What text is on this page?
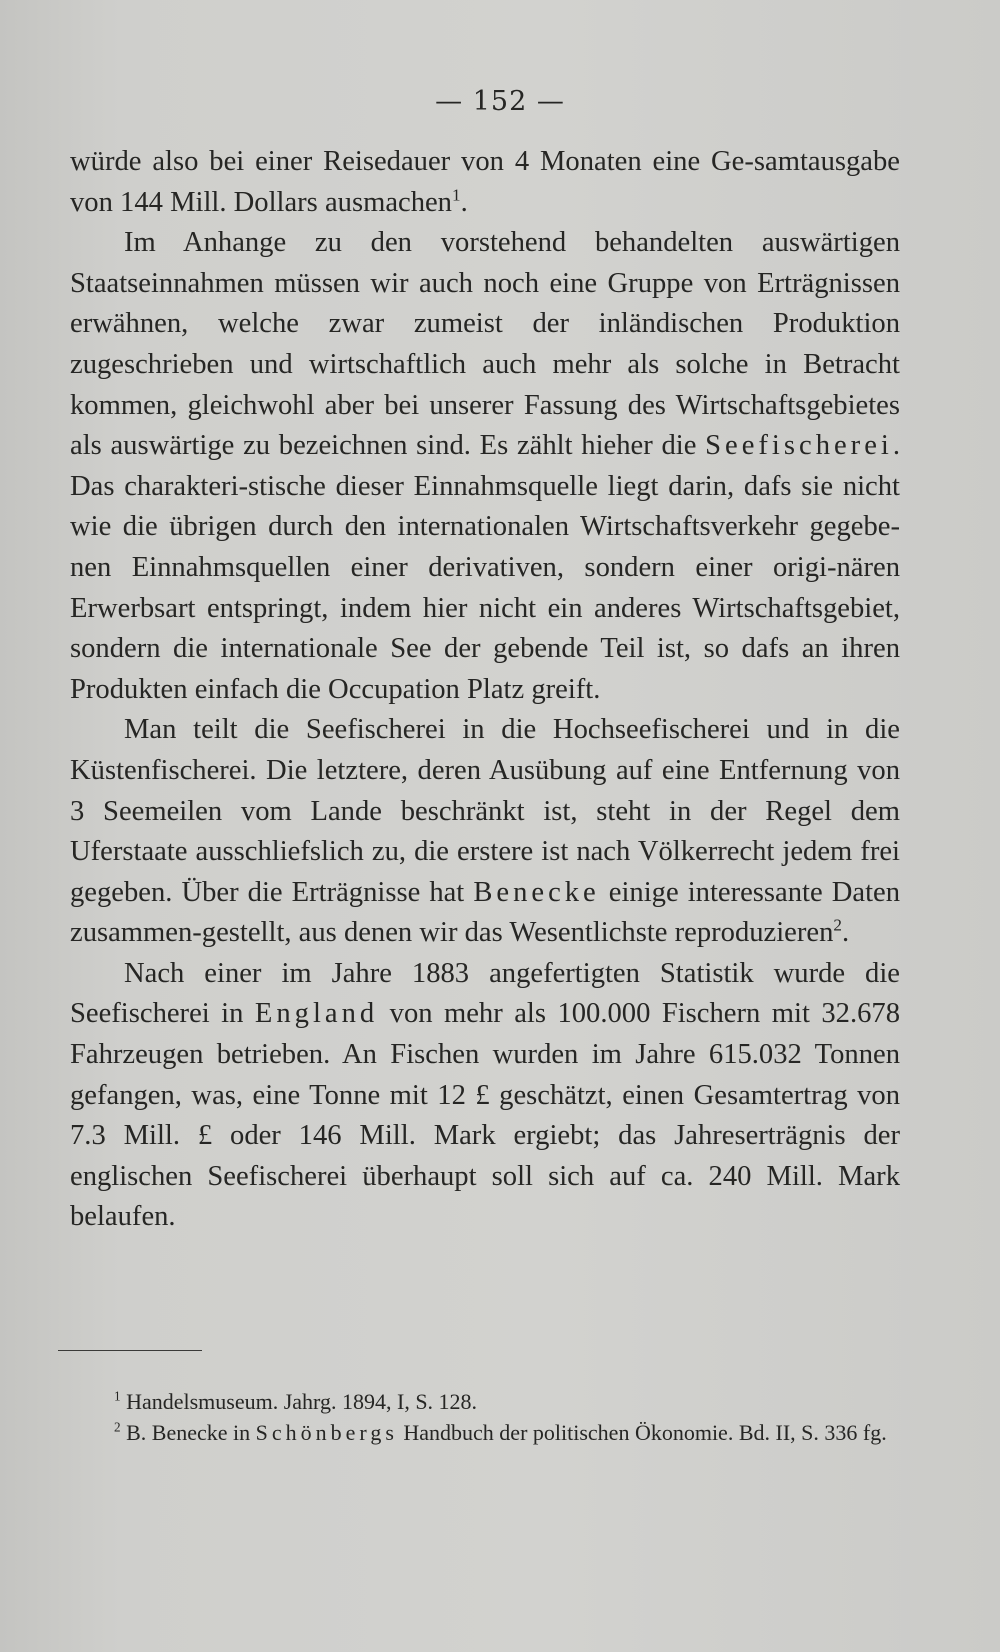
— 152 —

würde also bei einer Reisedauer von 4 Monaten eine Ge-samtausgabe von 144 Mill. Dollars ausmachen$^1$.

Im Anhange zu den vorstehend behandelten auswärtigen Staatseinnahmen müssen wir auch noch eine Gruppe von Erträgnissen erwähnen, welche zwar zumeist der inländischen Produktion zugeschrieben und wirtschaftlich auch mehr als solche in Betracht kommen, gleichwohl aber bei unserer Fassung des Wirtschaftsgebietes als auswärtige zu bezeichnen sind. Es zählt hieher die Seefischerei. Das charakteri-stische dieser Einnahmsquelle liegt darin, dafs sie nicht wie die übrigen durch den internationalen Wirtschaftsverkehr gegebe-nen Einnahmsquellen einer derivativen, sondern einer origi-nären Erwerbsart entspringt, indem hier nicht ein anderes Wirtschaftsgebiet, sondern die internationale See der gebende Teil ist, so dafs an ihren Produkten einfach die Occupation Platz greift.

Man teilt die Seefischerei in die Hochseefischerei und in die Küstenfischerei. Die letztere, deren Ausübung auf eine Entfernung von 3 Seemeilen vom Lande beschränkt ist, steht in der Regel dem Uferstaate ausschliefslich zu, die erstere ist nach Völkerrecht jedem frei gegeben. Über die Erträgnisse hat Benecke einige interessante Daten zusammen-gestellt, aus denen wir das Wesentlichste reproduzieren$^2$.

Nach einer im Jahre 1883 angefertigten Statistik wurde die Seefischerei in England von mehr als 100.000 Fischern mit 32.678 Fahrzeugen betrieben. An Fischen wurden im Jahre 615.032 Tonnen gefangen, was, eine Tonne mit 12 £ geschätzt, einen Gesamtertrag von 7.3 Mill. £ oder 146 Mill. Mark ergiebt; das Jahreserträgnis der englischen Seefischerei überhaupt soll sich auf ca. 240 Mill. Mark belaufen.

$^1$ Handelsmuseum. Jahrg. 1894, I, S. 128.

$^2$ B. Benecke in Schönbergs Handbuch der politischen Ökonomie. Bd. II, S. 336 fg.
